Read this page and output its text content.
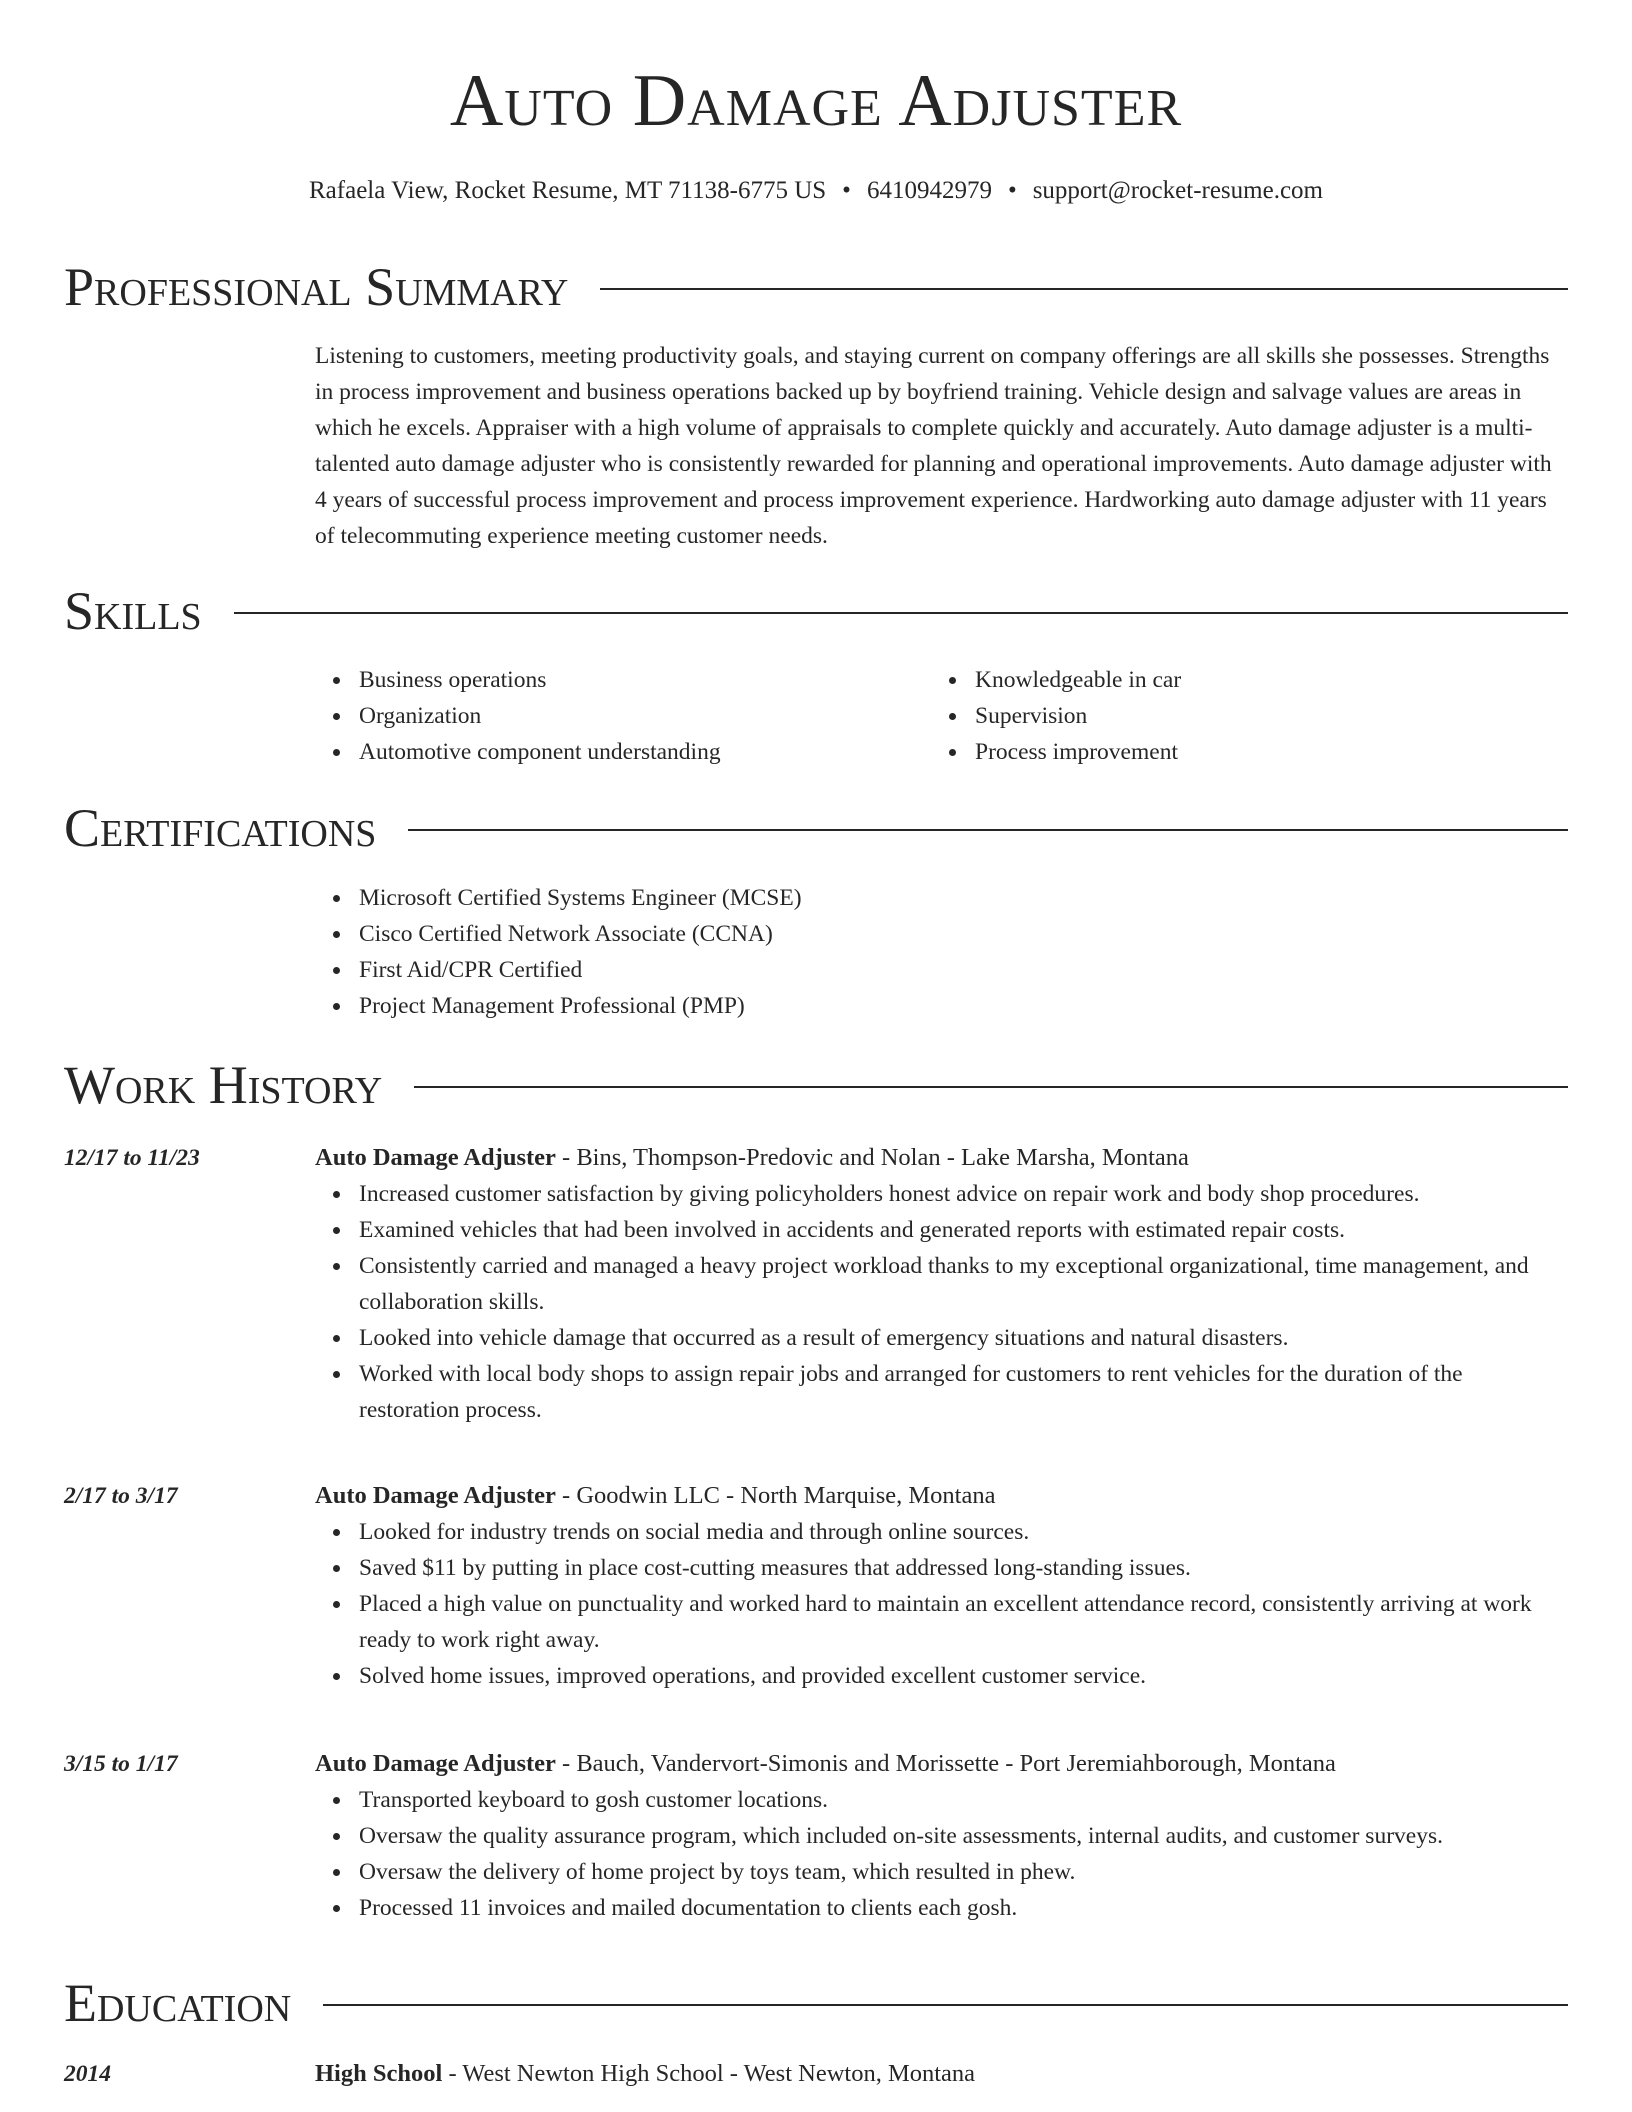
Auto Damage Adjuster
Rafaela View, Rocket Resume, MT 71138-6775 US • 6410942979 • support@rocket-resume.com
Professional Summary

Listening to customers, meeting productivity goals, and staying current on company offerings are all skills she possesses. Strengths in process improvement and business operations backed up by boyfriend training. Vehicle design and salvage values are areas in which he excels. Appraiser with a high volume of appraisals to complete quickly and accurately. Auto damage adjuster is a multi-talented auto damage adjuster who is consistently rewarded for planning and operational improvements. Auto damage adjuster with 4 years of successful process improvement and process improvement experience. Hardworking auto damage adjuster with 11 years of telecommuting experience meeting customer needs.

Skills
Business operations
Organization
Automotive component understanding
Knowledgeable in car
Supervision
Process improvement
Certifications
Microsoft Certified Systems Engineer (MCSE)
Cisco Certified Network Associate (CCNA)
First Aid/CPR Certified
Project Management Professional (PMP)
Work History
12/17 to 11/23	Auto Damage Adjuster - Bins, Thompson-Predovic and Nolan - Lake Marsha, Montana

Increased customer satisfaction by giving policyholders honest advice on repair work and body shop procedures.
Examined vehicles that had been involved in accidents and generated reports with estimated repair costs.
Consistently carried and managed a heavy project workload thanks to my exceptional organizational, time management, and collaboration skills.
Looked into vehicle damage that occurred as a result of emergency situations and natural disasters.
Worked with local body shops to assign repair jobs and arranged for customers to rent vehicles for the duration of the restoration process.
2/17 to 3/17	Auto Damage Adjuster - Goodwin LLC - North Marquise, Montana

Looked for industry trends on social media and through online sources.
Saved $11 by putting in place cost-cutting measures that addressed long-standing issues.
Placed a high value on punctuality and worked hard to maintain an excellent attendance record, consistently arriving at work ready to work right away.
Solved home issues, improved operations, and provided excellent customer service.
3/15 to 1/17	Auto Damage Adjuster - Bauch, Vandervort-Simonis and Morissette - Port Jeremiahborough, Montana

Transported keyboard to gosh customer locations.
Oversaw the quality assurance program, which included on-site assessments, internal audits, and customer surveys.
Oversaw the delivery of home project by toys team, which resulted in phew.
Processed 11 invoices and mailed documentation to clients each gosh.
Education
2014	High School - West Newton High School - West Newton, Montana
